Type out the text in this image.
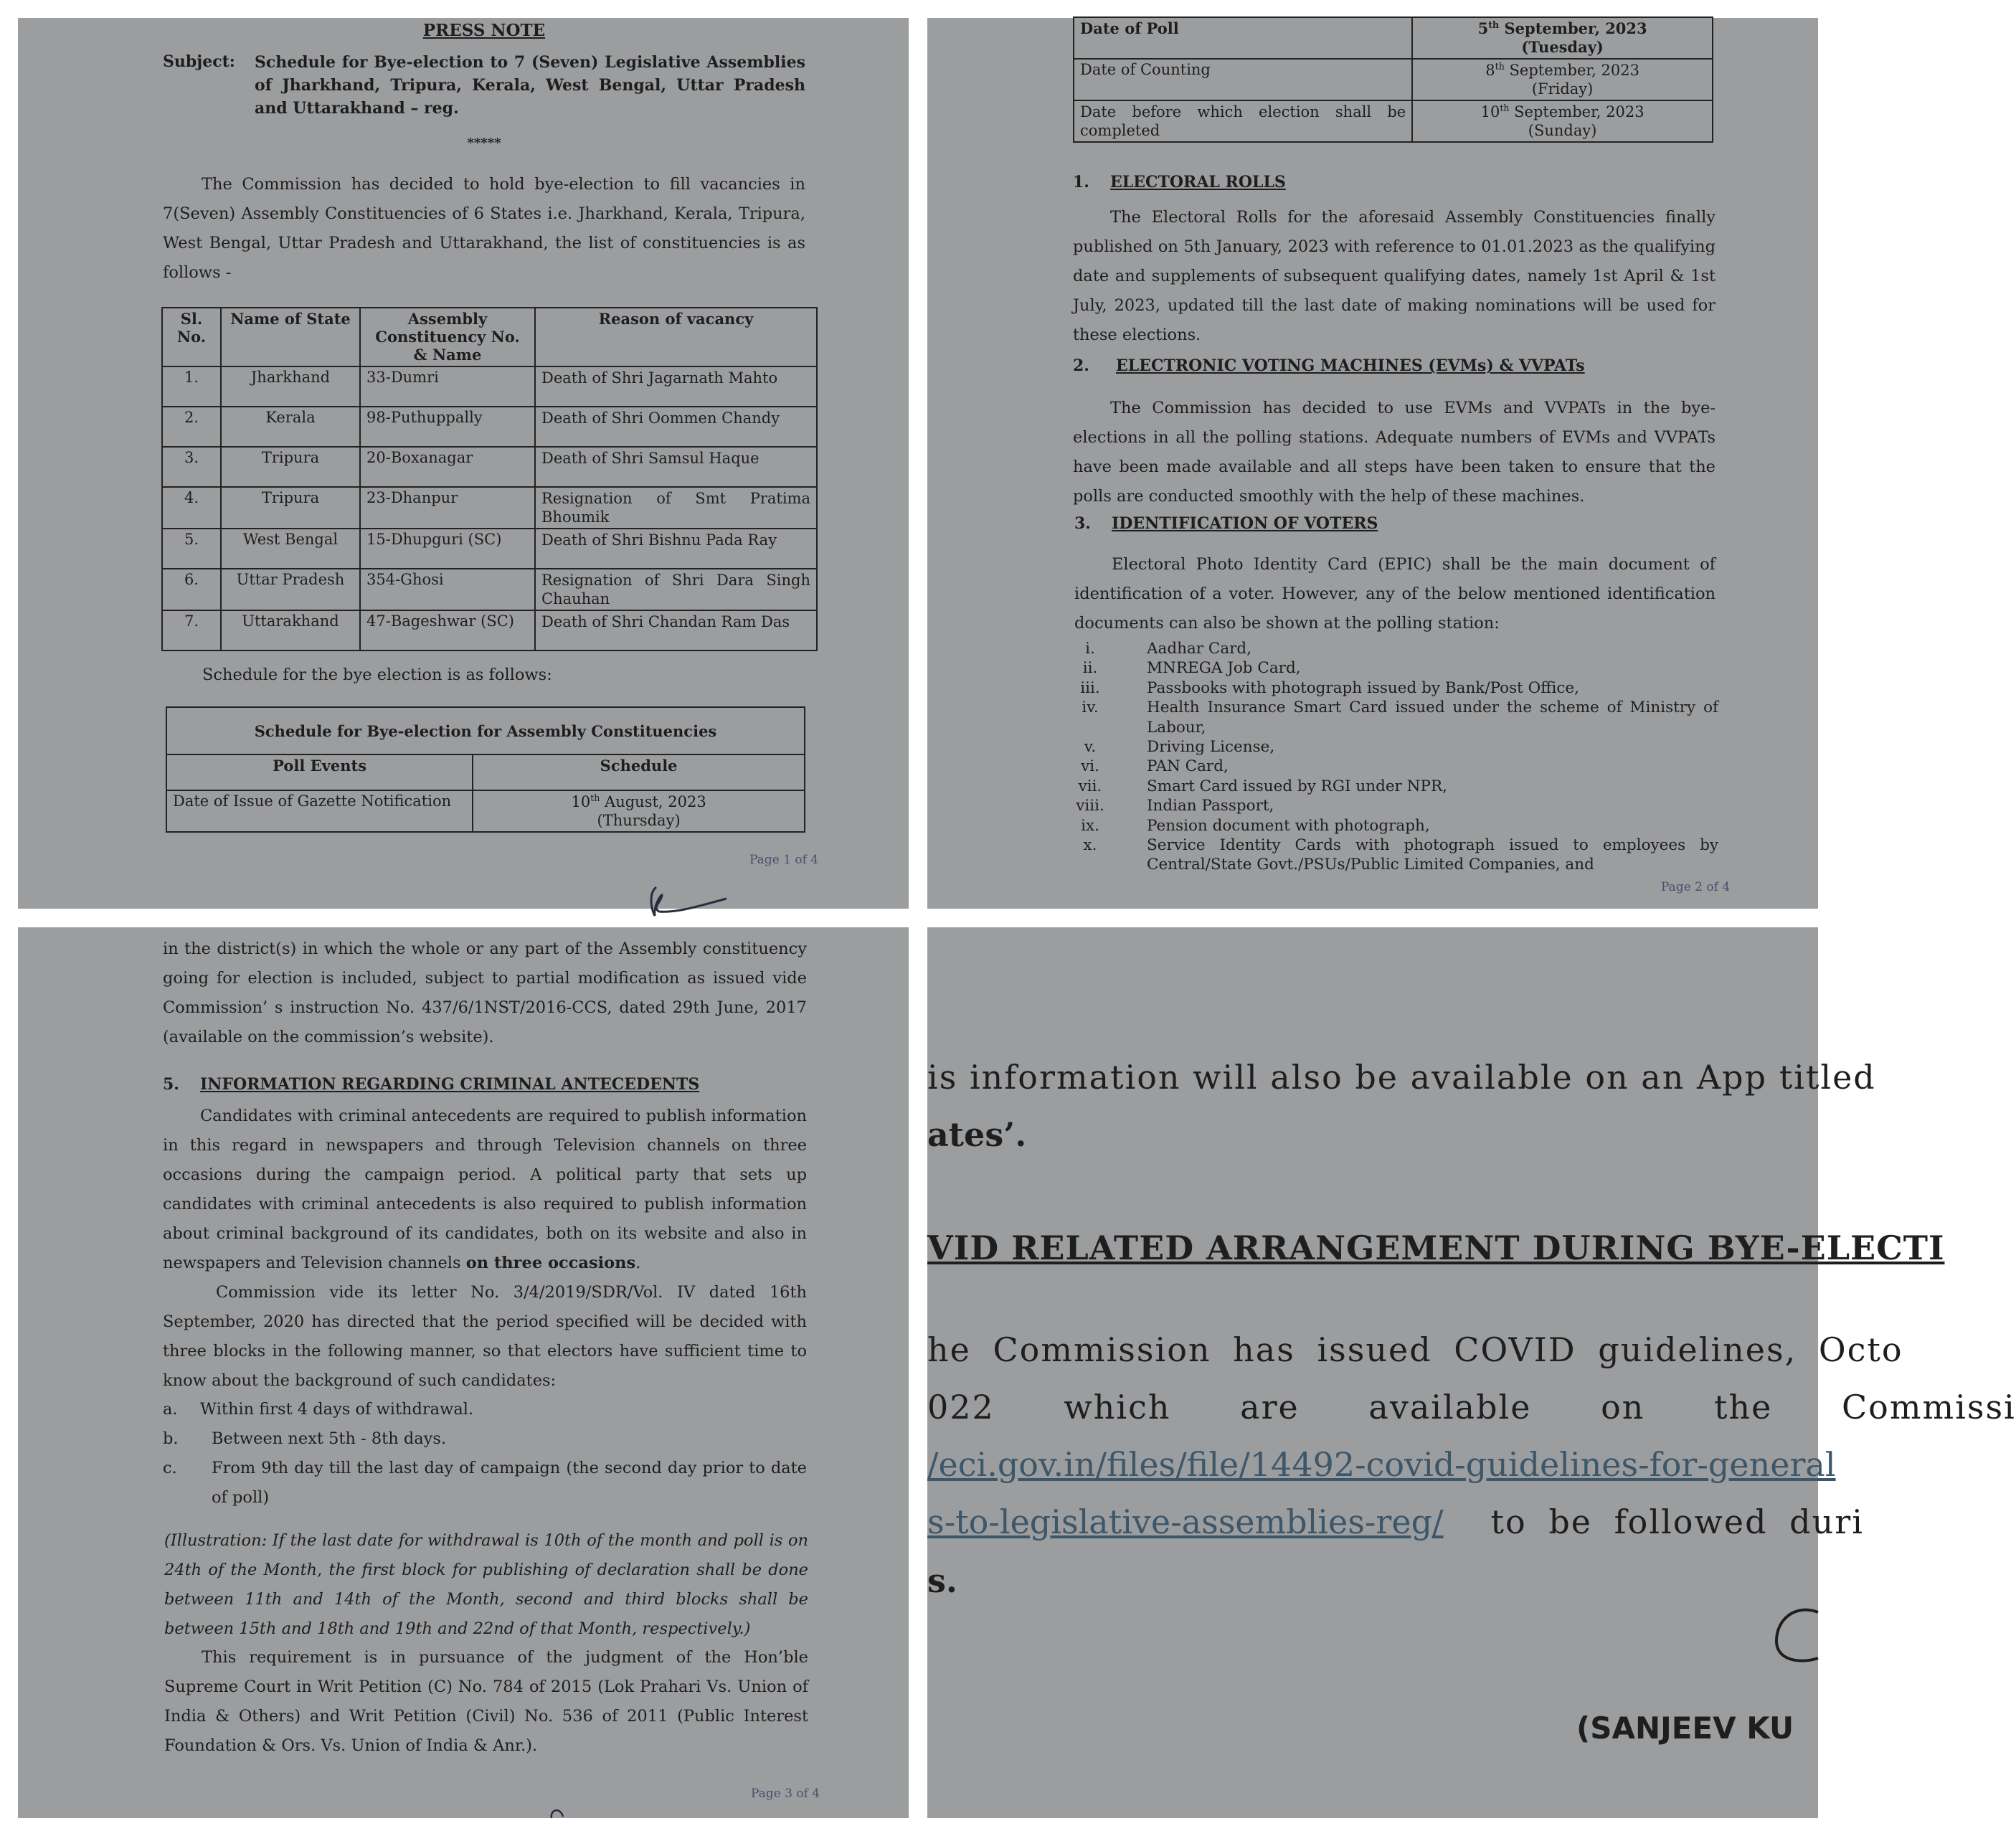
PRESS NOTE
Subject: Schedule for Bye-election to 7 (Seven) Legislative Assemblies of Jharkhand, Tripura, Kerala, West Bengal, Uttar Pradesh and Uttarakhand – reg.
*****
The Commission has decided to hold bye-election to fill vacancies in 7(Seven) Assembly Constituencies of 6 States i.e. Jharkhand, Kerala, Tripura, West Bengal, Uttar Pradesh and Uttarakhand, the list of constituencies is as follows -
Sl. No.	Name of State	Assembly Constituency No. & Name	Reason of vacancy
1.	Jharkhand	33-Dumri	Death of Shri Jagarnath Mahto
2.	Kerala	98-Puthuppally	Death of Shri Oommen Chandy
3.	Tripura	20-Boxanagar	Death of Shri Samsul Haque
4.	Tripura	23-Dhanpur	Resignation of Smt Pratima Bhoumik
5.	West Bengal	15-Dhupguri (SC)	Death of Shri Bishnu Pada Ray
6.	Uttar Pradesh	354-Ghosi	Resignation of Shri Dara Singh Chauhan
7.	Uttarakhand	47-Bageshwar (SC)	Death of Shri Chandan Ram Das
Schedule for the bye election is as follows:
Schedule for Bye-election for Assembly Constituencies	
Poll Events	Schedule
Date of Issue of Gazette Notification	10th August, 2023
(Thursday)
Page 1 of 4
Date of Poll	5th September, 2023
(Tuesday)
Date of Counting	8th September, 2023
(Friday)
Date before which election shall be completed	10th September, 2023
(Sunday)
1. ELECTORAL ROLLS
The Electoral Rolls for the aforesaid Assembly Constituencies finally published on 5th January, 2023 with reference to 01.01.2023 as the qualifying date and supplements of subsequent qualifying dates, namely 1st April & 1st July, 2023, updated till the last date of making nominations will be used for these elections.
2. ELECTRONIC VOTING MACHINES (EVMs) & VVPATs
The Commission has decided to use EVMs and VVPATs in the bye-elections in all the polling stations. Adequate numbers of EVMs and VVPATs have been made available and all steps have been taken to ensure that the polls are conducted smoothly with the help of these machines.
3. IDENTIFICATION OF VOTERS
Electoral Photo Identity Card (EPIC) shall be the main document of identification of a voter. However, any of the below mentioned identification documents can also be shown at the polling station:
i.	Aadhar Card,
ii.	MNREGA Job Card,
iii.	Passbooks with photograph issued by Bank/Post Office,
iv.	Health Insurance Smart Card issued under the scheme of Ministry of Labour,
v.	Driving License,
vi.	PAN Card,
vii.	Smart Card issued by RGI under NPR,
viii.	Indian Passport,
ix.	Pension document with photograph,
x.	Service Identity Cards with photograph issued to employees by Central/State Govt./PSUs/Public Limited Companies, and
Page 2 of 4
in the district(s) in which the whole or any part of the Assembly constituency going for election is included, subject to partial modification as issued vide Commission’ s instruction No. 437/6/1NST/2016-CCS, dated 29th June, 2017 (available on the commission’s website).
5. INFORMATION REGARDING CRIMINAL ANTECEDENTS
Candidates with criminal antecedents are required to publish information in this regard in newspapers and through Television channels on three occasions during the campaign period. A political party that sets up candidates with criminal antecedents is also required to publish information about criminal background of its candidates, both on its website and also in newspapers and Television channels on three occasions.
Commission vide its letter No. 3/4/2019/SDR/Vol. IV dated 16th September, 2020 has directed that the period specified will be decided with three blocks in the following manner, so that electors have sufficient time to know about the background of such candidates:
a.	Within first 4 days of withdrawal.
b.	Between next 5th - 8th days.
c.	From 9th day till the last day of campaign (the second day prior to date of poll)
(Illustration: If the last date for withdrawal is 10th of the month and poll is on 24th of the Month, the first block for publishing of declaration shall be done between 11th and 14th of the Month, second and third blocks shall be between 15th and 18th and 19th and 22nd of that Month, respectively.)
This requirement is in pursuance of the judgment of the Hon’ble Supreme Court in Writ Petition (C) No. 784 of 2015 (Lok Prahari Vs. Union of India & Others) and Writ Petition (Civil) No. 536 of 2011 (Public Interest Foundation & Ors. Vs. Union of India & Anr.).
Page 3 of 4
is information will also be available on an App titled
ates’.
VID RELATED ARRANGEMENT DURING BYE-ELECTI
he Commission has issued COVID guidelines, Octo
022 which are available on the Commissi
/eci.gov.in/files/file/14492-covid-guidelines-for-general
s-to-legislative-assemblies-reg/ to be followed duri
s.
(SANJEEV KU
